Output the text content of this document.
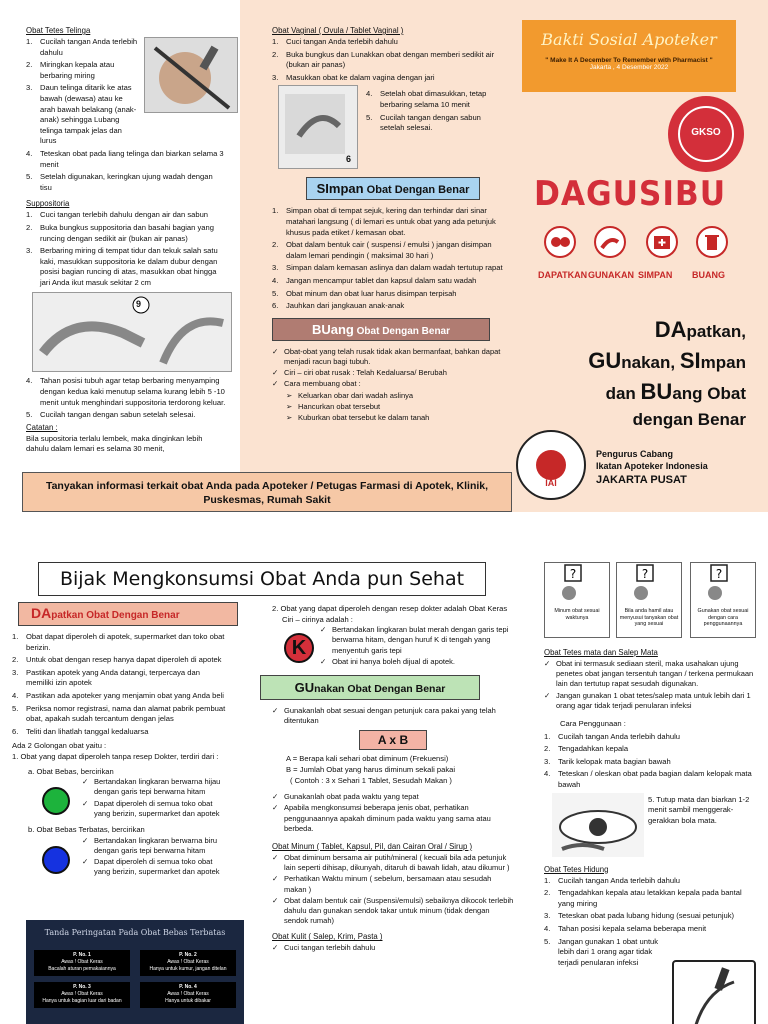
Obat Tetes Telinga
1. Cucilah tangan Anda terlebih dahulu
2. Miringkan kepala atau berbaring miring
3. Daun telinga ditarik ke atas bawah (dewasa) atau ke arah bawah belakang (anak-anak) sehingga Lubang telinga tampak jelas dan lurus
4. Teteskan obat pada liang telinga dan biarkan selama 3 menit
5. Setelah digunakan, keringkan ujung wadah dengan tisu
Suppositoria
1. Cuci tangan terlebih dahulu dengan air dan sabun
2. Buka bungkus suppositoria dan basahi bagian yang runcing dengan sedikit air (bukan air panas)
3. Berbaring miring di tempat tidur dan tekuk salah satu kaki, masukkan suppositoria ke dalam dubur dengan posisi bagian runcing di atas, masukkan obat hingga jari Anda ikut masuk sekitar 2 cm
9
4. Tahan posisi tubuh agar tetap berbaring menyamping dengan kedua kaki menutup selama kurang lebih 5 -10 menit untuk menghindari suppositoria terdorong keluar.
5. Cucilah tangan dengan sabun setelah selesai.
Catatan :
Bila supositoria terlalu lembek, maka dinginkan lebih dahulu dalam lemari es selama 30 menit,
Obat Vaginal ( Ovula / Tablet Vaginal )
1. Cuci tangan Anda terlebih dahulu
2. Buka bungkus dan Lunakkan obat dengan memberi sedikit air (bukan air panas)
3. Masukkan obat ke dalam vagina dengan jari
6
4. Setelah obat dimasukkan, tetap berbaring selama 10 menit
5. Cucilah tangan dengan sabun setelah selesai.
SImpan Obat Dengan Benar
1. Simpan obat di tempat sejuk, kering dan terhindar dari sinar matahari langsung ( di lemari es untuk obat yang ada petunjuk khusus pada etiket / kemasan obat.
2. Obat dalam bentuk cair ( suspensi / emulsi ) jangan disimpan dalam lemari pendingin ( maksimal 30 hari )
3. Simpan dalam kemasan aslinya dan dalam wadah tertutup rapat
4. Jangan mencampur tablet dan kapsul dalam satu wadah
5. Obat minum dan obat luar harus disimpan terpisah
6. Jauhkan dari jangkauan anak-anak
BUang Obat Dengan Benar
✓ Obat-obat yang telah rusak tidak akan bermanfaat, bahkan dapat menjadi racun bagi tubuh.
✓ Ciri – ciri obat rusak : Telah Kedaluarsa/ Berubah
✓ Cara membuang obat :
➢ Keluarkan obar dari wadah aslinya
➢ Hancurkan obat tersebut
➢ Kuburkan obat tersebut ke dalam tanah
Tanyakan informasi terkait obat Anda pada Apoteker / Petugas Farmasi di Apotek, Klinik, Puskesmas, Rumah Sakit
Bakti Sosial Apoteker
" Make It A December To Remember with Pharmacist "
Jakarta , 4 Desember 2022
GKSO
DAGUSIBU
DAPATKAN GUNAKAN SIMPAN BUANG
DApatkan,
GUnakan, SImpan
dan BUang Obat
dengan Benar
IAI
Pengurus Cabang
Ikatan Apoteker Indonesia
JAKARTA PUSAT
Bijak Mengkonsumsi Obat Anda pun Sehat
DApatkan Obat Dengan Benar
1. Obat dapat diperoleh di apotek, supermarket dan toko obat berizin.
2. Untuk obat dengan resep hanya dapat diperoleh di apotek
3. Pastikan apotek yang Anda datangi, terpercaya dan memiliki izin apotek
4. Pastikan ada apoteker yang menjamin obat yang Anda beli
5. Periksa nomor registrasi, nama dan alamat pabrik pembuat obat, apakah sudah tercantum dengan jelas
6. Teliti dan lihatlah tanggal kedaluarsa
Ada 2 Golongan obat yaitu :
1. Obat yang dapat diperoleh tanpa resep Dokter, terdiri dari :
a. Obat Bebas, bercirikan
✓ Bertandakan lingkaran berwarna hijau dengan garis tepi berwarna hitam
✓ Dapat diperoleh di semua toko obat yang berizin, supermarket dan apotek
b. Obat Bebas Terbatas, bercirikan
✓ Bertandakan lingkaran berwarna biru dengan garis tepi berwarna hitam
✓ Dapat diperoleh di semua toko obat yang berizin, supermarket dan apotek
Tanda Peringatan Pada Obat Bebas Terbatas
P. No. 1
Awas ! Obat Keras
Bacalah aturan pemakaiannya
P. No. 2
Awas ! Obat Keras
Hanya untuk kumur, jangan ditelan
P. No. 3
Awas ! Obat Keras
Hanya untuk bagian luar dari badan
P. No. 4
Awas ! Obat Keras
Hanya untuk dibakar
2. Obat yang dapat diperoleh dengan resep dokter adalah Obat Keras
Ciri – cirinya adalah :
K
✓ Bertandakan lingkaran bulat merah dengan garis tepi berwarna hitam, dengan huruf K di tengah yang menyentuh garis tepi
✓ Obat ini hanya boleh dijual di apotek.
GUnakan Obat Dengan Benar
✓ Gunakanlah obat sesuai dengan petunjuk cara pakai yang telah ditentukan
A x B
A = Berapa kali sehari obat diminum (Frekuensi)
B = Jumlah Obat yang harus diminum sekali pakai
( Contoh : 3 x Sehari 1 Tablet, Sesudah Makan )
✓ Gunakanlah obat pada waktu yang tepat
✓ Apabila mengkonsumsi beberapa jenis obat, perhatikan penggunaannya apakah diminum pada waktu yang sama atau berbeda.
Obat Minum ( Tablet, Kapsul, Pil, dan Cairan Oral / Sirup )
✓ Obat diminum bersama air putih/mineral ( kecuali bila ada petunjuk lain seperti dihisap, dikunyah, ditaruh di bawah lidah, atau dikumur )
✓ Perhatikan Waktu minum ( sebelum, bersamaan atau sesudah makan )
✓ Obat dalam bentuk cair (Suspensi/emulsi) sebaiknya dikocok terlebih dahulu dan gunakan sendok takar untuk minum (tidak dengan sendok rumah)
Obat Kulit ( Salep, Krim, Pasta )
✓ Cuci tangan terlebih dahulu
?
Minum obat sesuai waktunya
?
Bila anda hamil atau menyusui tanyakan obat yang sesuai
?
Gunakan obat sesuai dengan cara penggunaannya
Obat Tetes mata dan Salep Mata
✓ Obat ini termasuk sediaan steril, maka usahakan ujung penetes obat jangan tersentuh tangan / terkena permukaan lain dan tertutup rapat sesudah digunakan.
✓ Jangan gunakan 1 obat tetes/salep mata untuk lebih dari 1 orang agar tidak terjadi penularan infeksi
Cara Penggunaan :
1. Cucilah tangan Anda terlebih dahulu
2. Tengadahkan kepala
3. Tarik kelopak mata bagian bawah
4. Teteskan / oleskan obat pada bagian dalam kelopak mata bawah
5. Tutup mata dan biarkan 1-2 menit sambil menggerak-gerakkan bola mata.
Obat Tetes Hidung
1. Cucilah tangan Anda terlebih dahulu
2. Tengadahkan kepala atau letakkan kepala pada bantal yang miring
3. Teteskan obat pada lubang hidung (sesuai petunjuk)
4. Tahan posisi kepala selama beberapa menit
5. Jangan gunakan 1 obat untuk lebih dari 1 orang agar tidak terjadi penularan infeksi
